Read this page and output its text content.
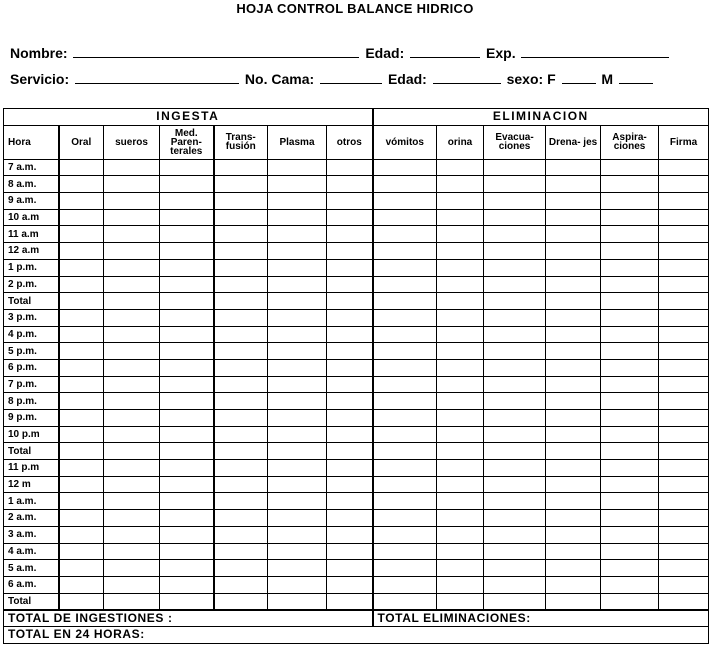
HOJA CONTROL BALANCE HIDRICO
Nombre:	Edad:	Exp.
Servicio:	No. Cama:	Edad:	sexo: F	M
INGESTA							ELIMINACION					
Hora	Oral	sueros	Med. Paren- terales	Trans- fusión	Plasma	otros	vómitos	orina	Evacua- ciones	Drena- jes	Aspira- ciones	Firma
7 a.m.												
8 a.m.												
9 a.m.												
10 a.m												
11 a.m												
12 a.m												
1 p.m.												
2 p.m.												
Total												
3 p.m.												
4 p.m.												
5 p.m.												
6 p.m.												
7 p.m.												
8 p.m.												
9 p.m.												
10 p.m												
Total												
11 p.m												
12 m												
1 a.m.												
2 a.m.												
3 a.m.												
4 a.m.												
5 a.m.												
6 a.m.												
Total												
TOTAL DE INGESTIONES :							TOTAL ELIMINACIONES:					
TOTAL EN 24 HORAS:												
